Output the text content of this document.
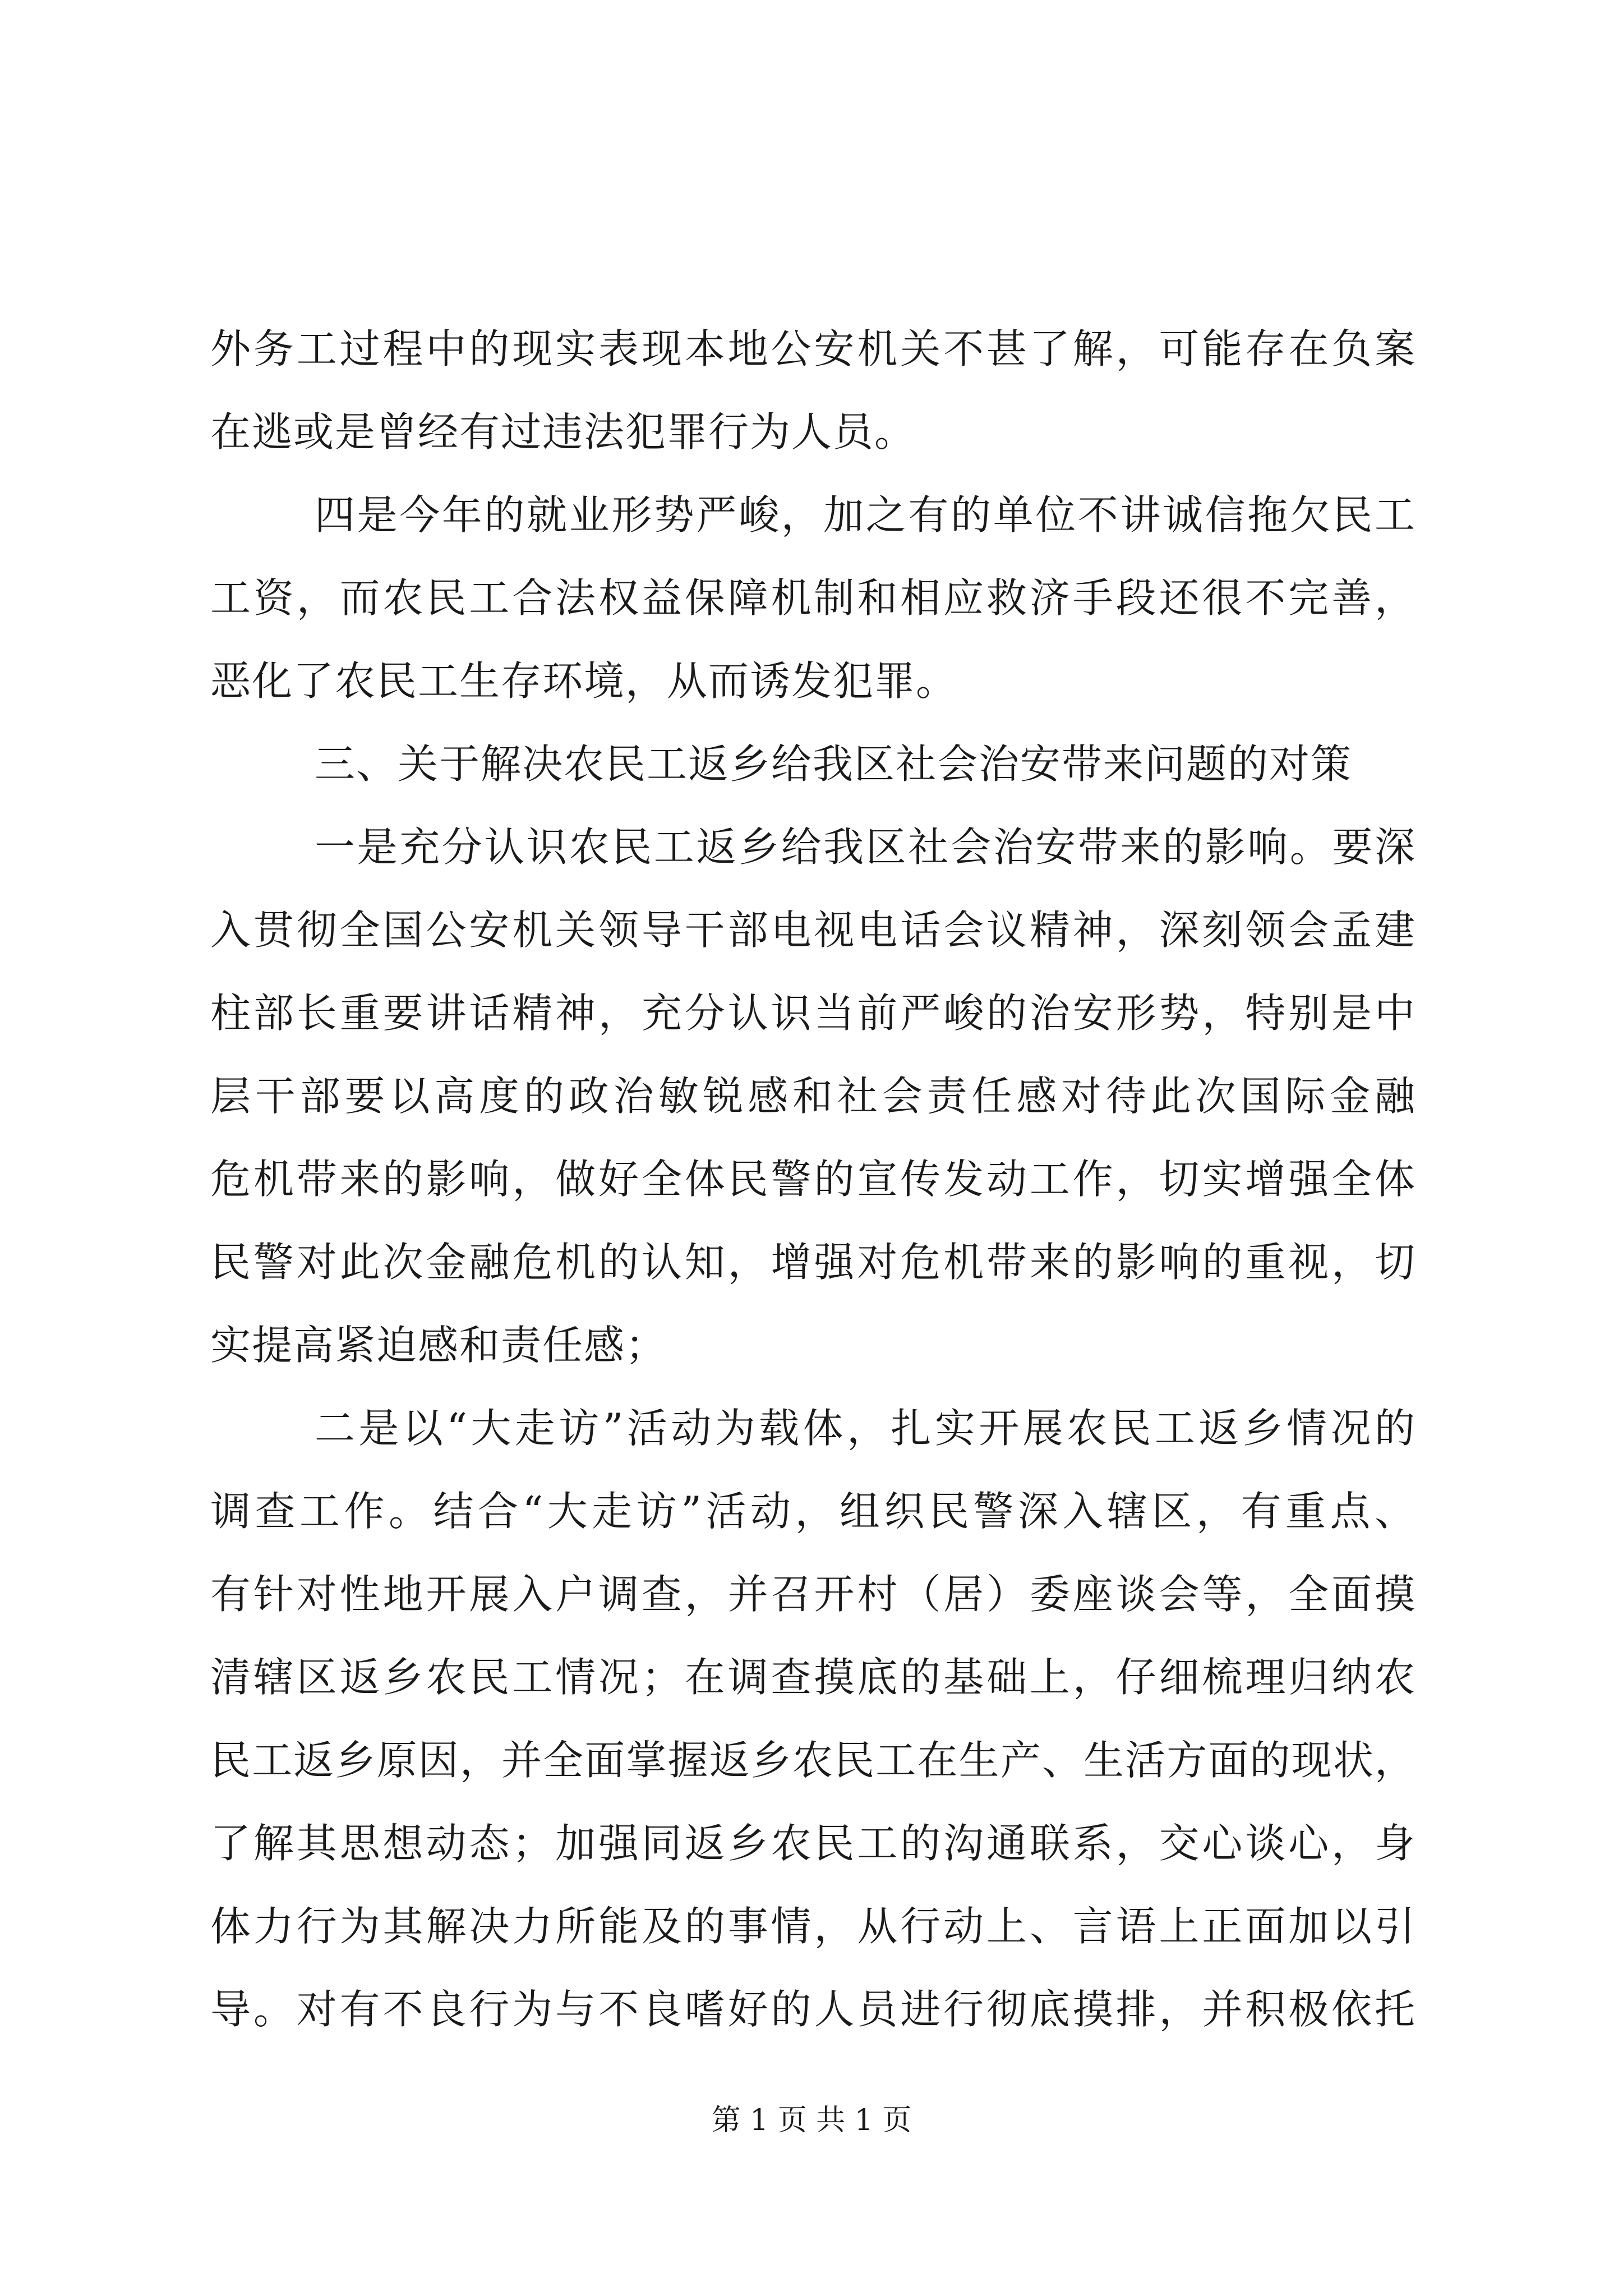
外务工过程中的现实表现本地公安机关不甚了解，可能存在负案
在逃或是曾经有过违法犯罪行为人员。
四是今年的就业形势严峻，加之有的单位不讲诚信拖欠民工
工资，而农民工合法权益保障机制和相应救济手段还很不完善，
恶化了农民工生存环境，从而诱发犯罪。
三、关于解决农民工返乡给我区社会治安带来问题的对策
一是充分认识农民工返乡给我区社会治安带来的影响。要深
入贯彻全国公安机关领导干部电视电话会议精神，深刻领会孟建
柱部长重要讲话精神，充分认识当前严峻的治安形势，特别是中
层干部要以高度的政治敏锐感和社会责任感对待此次国际金融
危机带来的影响，做好全体民警的宣传发动工作，切实增强全体
民警对此次金融危机的认知，增强对危机带来的影响的重视，切
实提高紧迫感和责任感；
二是以“大走访”活动为载体，扎实开展农民工返乡情况的
调查工作。结合“大走访”活动，组织民警深入辖区，有重点、
有针对性地开展入户调查，并召开村（居）委座谈会等，全面摸
清辖区返乡农民工情况；在调查摸底的基础上，仔细梳理归纳农
民工返乡原因，并全面掌握返乡农民工在生产、生活方面的现状，
了解其思想动态；加强同返乡农民工的沟通联系，交心谈心，身
体力行为其解决力所能及的事情，从行动上、言语上正面加以引
导。对有不良行为与不良嗜好的人员进行彻底摸排，并积极依托
第 1 页 共 1 页
